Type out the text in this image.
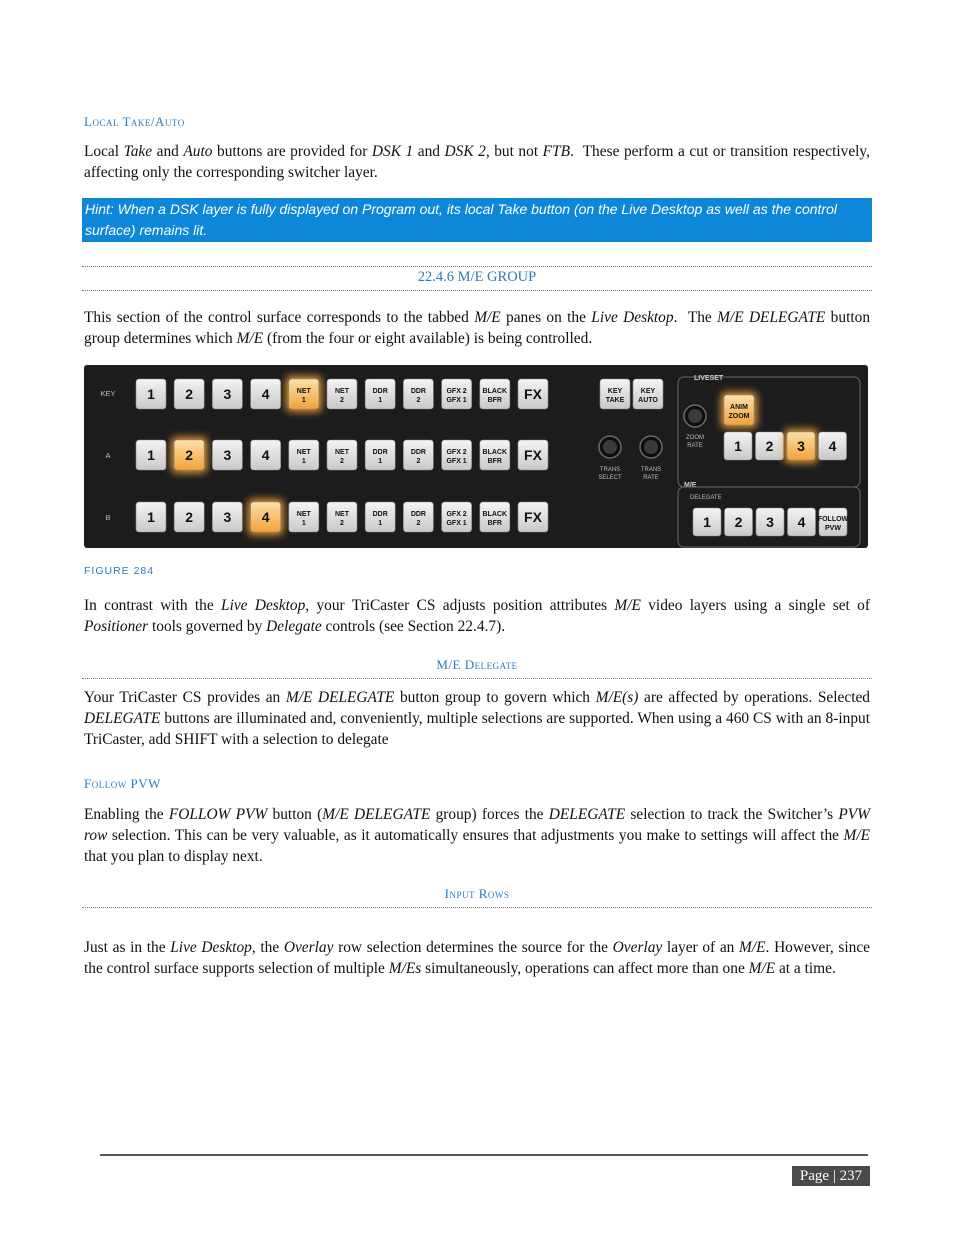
Local Take/Auto
Local Take and Auto buttons are provided for DSK 1 and DSK 2, but not FTB.  These perform a cut or transition respectively, affecting only the corresponding switcher layer.
Hint: When a DSK layer is fully displayed on Program out, its local Take button (on the Live Desktop as well as the control surface) remains lit.
22.4.6 M/E GROUP
This section of the control surface corresponds to the tabbed M/E panes on the Live Desktop.  The M/E DELEGATE button group determines which M/E (from the four or eight available) is being controlled.
KEY 1 2 3 4	NET
1
NET
2
DDR
1
DDR
2
GFX 2
GFX 1
BLACK
BFR FX
A	1 2 3 4	NET
1
NET
2
DDR
1
DDR
2
GFX 2
GFX 1
BLACK
BFR FX
B	1 2 3 4	NET
1
NET
2
DDR
1
DDR
2
GFX 2
GFX 1
BLACK
BFR FX
KEY
TAKE
KEY
AUTO
TRANS
SELECT
TRANS
RATE
LIVESET
ANIM
ZOOM
ZOOM
RATE 1 2 3 4
M/E
DELEGATE
1 2 3 4 FOLLOW
PVW
FIGURE 284
In contrast with the Live Desktop, your TriCaster CS adjusts position attributes M/E video layers using a single set of Positioner tools governed by Delegate controls (see Section 22.4.7).
M/E Delegate
Your TriCaster CS provides an M/E DELEGATE button group to govern which M/E(s) are affected by operations. Selected DELEGATE buttons are illuminated and, conveniently, multiple selections are supported. When using a 460 CS with an 8-input TriCaster, add SHIFT with a selection to delegate
Follow PVW
Enabling the FOLLOW PVW button (M/E DELEGATE group) forces the DELEGATE selection to track the Switcher’s PVW row selection. This can be very valuable, as it automatically ensures that adjustments you make to settings will affect the M/E that you plan to display next.
Input Rows
Just as in the Live Desktop, the Overlay row selection determines the source for the Overlay layer of an M/E. However, since the control surface supports selection of multiple M/Es simultaneously, operations can affect more than one M/E at a time.
Page | 237
